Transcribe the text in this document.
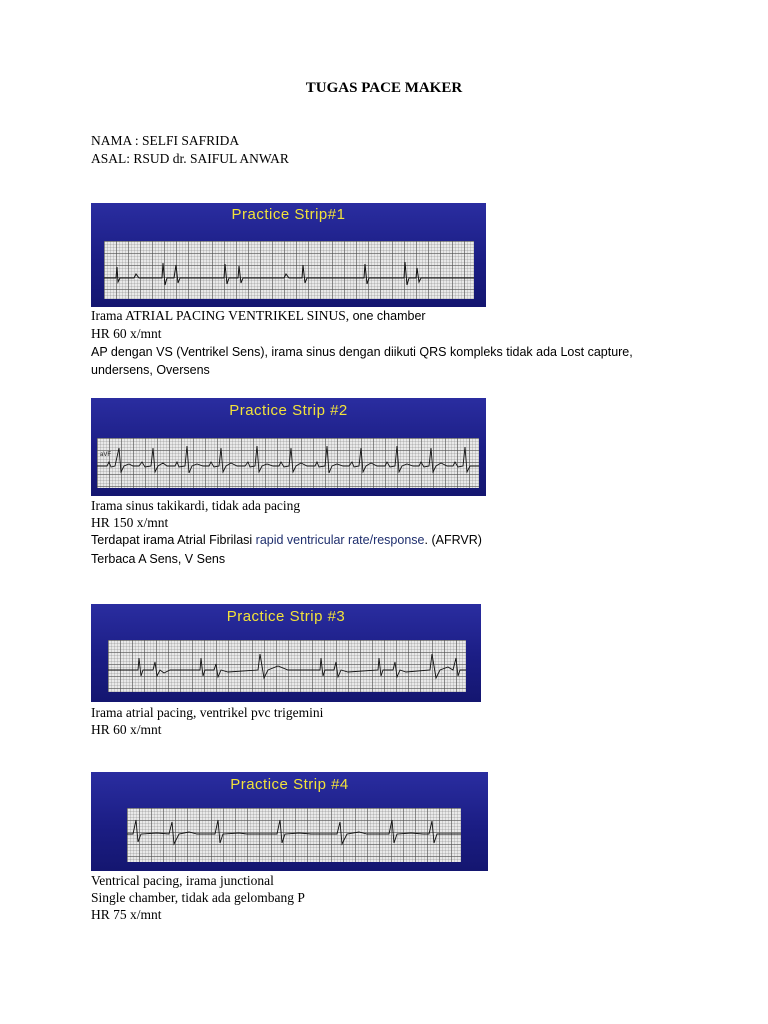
TUGAS PACE MAKER
NAMA : SELFI SAFRIDA
ASAL: RSUD dr. SAIFUL ANWAR
Practice Strip#1
Irama ATRIAL PACING VENTRIKEL SINUS, one chamber
HR 60 x/mnt
AP dengan VS (Ventrikel Sens), irama sinus dengan diikuti QRS kompleks tidak ada Lost capture,
undersens, Oversens
Practice Strip #2
aVF
Irama sinus takikardi, tidak ada pacing
HR 150 x/mnt
Terdapat irama Atrial Fibrilasi rapid ventricular rate/response. (AFRVR)
Terbaca A Sens, V Sens
Practice Strip #3
Irama atrial pacing, ventrikel pvc trigemini
HR 60 x/mnt
Practice Strip #4
Ventrical pacing, irama junctional
Single chamber, tidak ada gelombang P
HR 75 x/mnt
